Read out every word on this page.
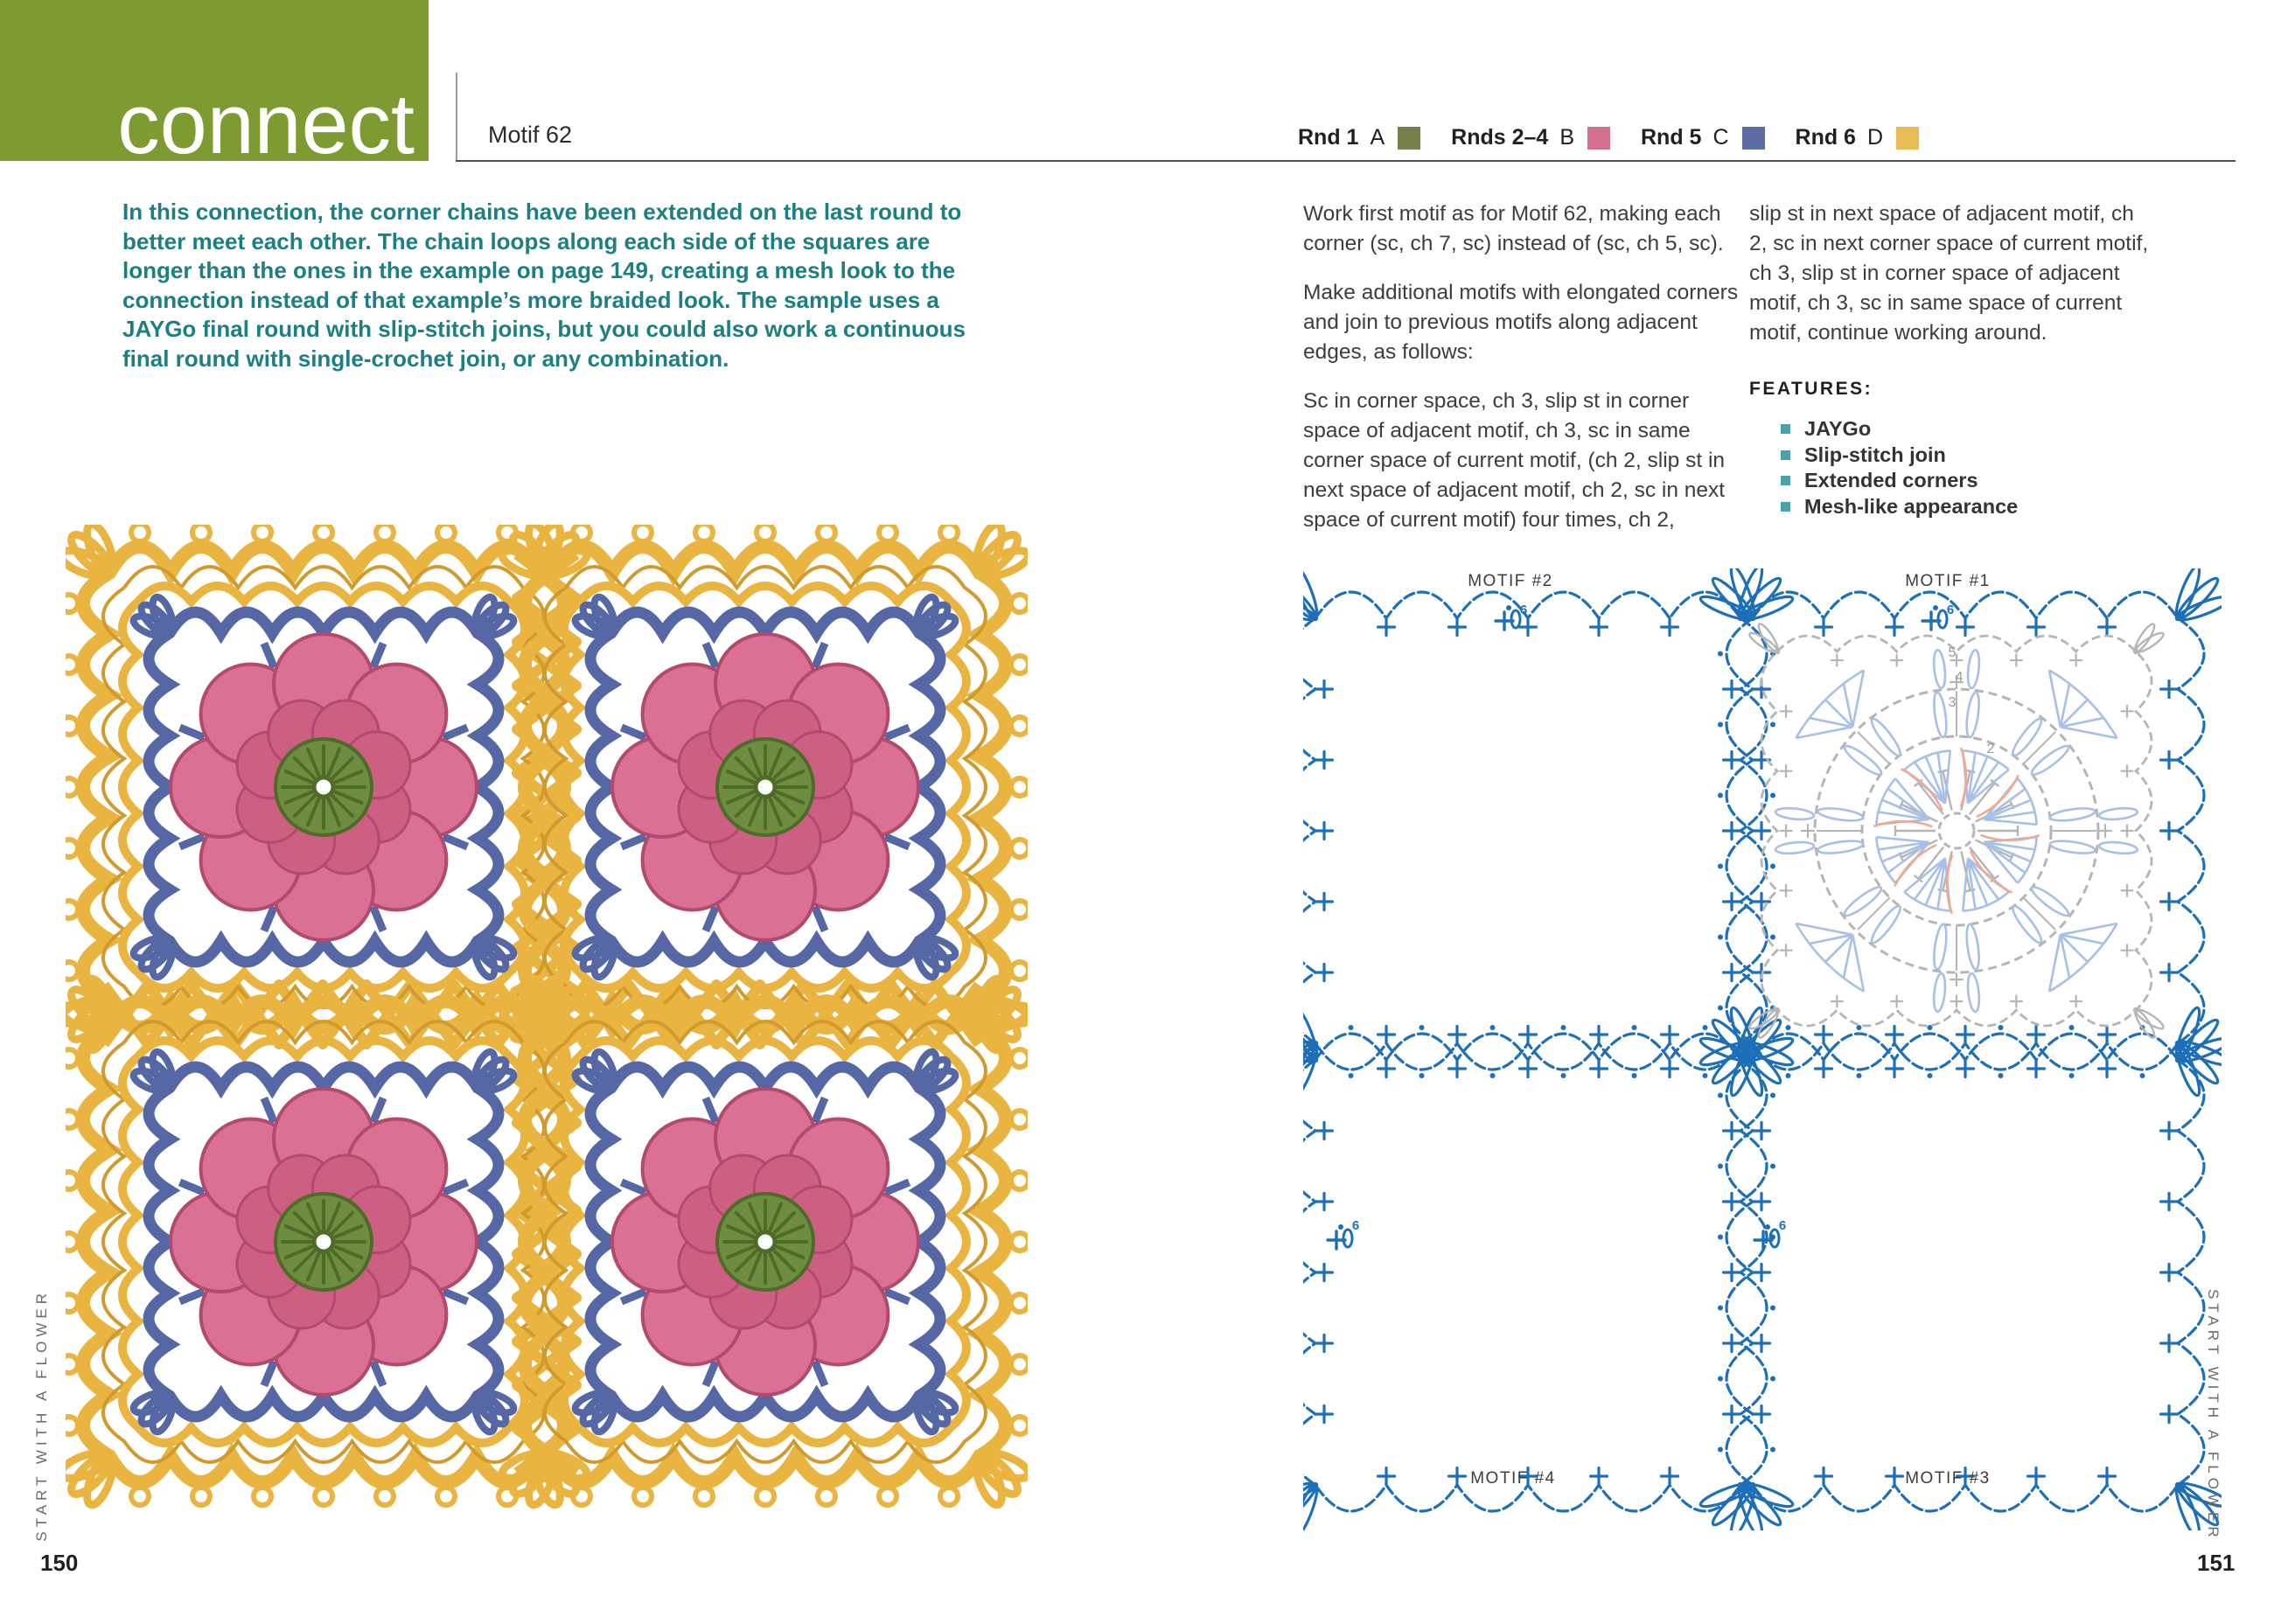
connect	Motif 62	Rnd 1 A	Rnds 2–4 B	Rnd 5 C	Rnd 6 D
In this connection, the corner chains have been extended on the last round to better meet each other. The chain loops along each side of the squares are longer than the ones in the example on page 149, creating a mesh look to the connection instead of that example’s more braided look. The sample uses a JAYGo final round with slip-stitch joins, but you could also work a continuous final round with single-crochet join, or any combination.

Work first motif as for Motif 62, making each corner (sc, ch 7, sc) instead of (sc, ch 5, sc).

Make additional motifs with elongated corners and join to previous motifs along adjacent edges, as follows:

Sc in corner space, ch 3, slip st in corner space of adjacent motif, ch 3, sc in same corner space of current motif, (ch 2, slip st in next space of adjacent motif, ch 2, sc in next space of current motif) four times, ch 2,

slip st in next space of adjacent motif, ch 2, sc in next corner space of current motif, ch 3, slip st in corner space of adjacent motif, ch 3, sc in same space of current motif, continue working around.

FEATURES:
JAYGo
Slip-stitch join
Extended corners
Mesh-like appearance
MOTIF #2	MOTIF #1
MOTIF #4	MOTIF #3
5
4
3
2
6	6
6	6
START WITH A FLOWER	START WITH A FLOWER
150	151
